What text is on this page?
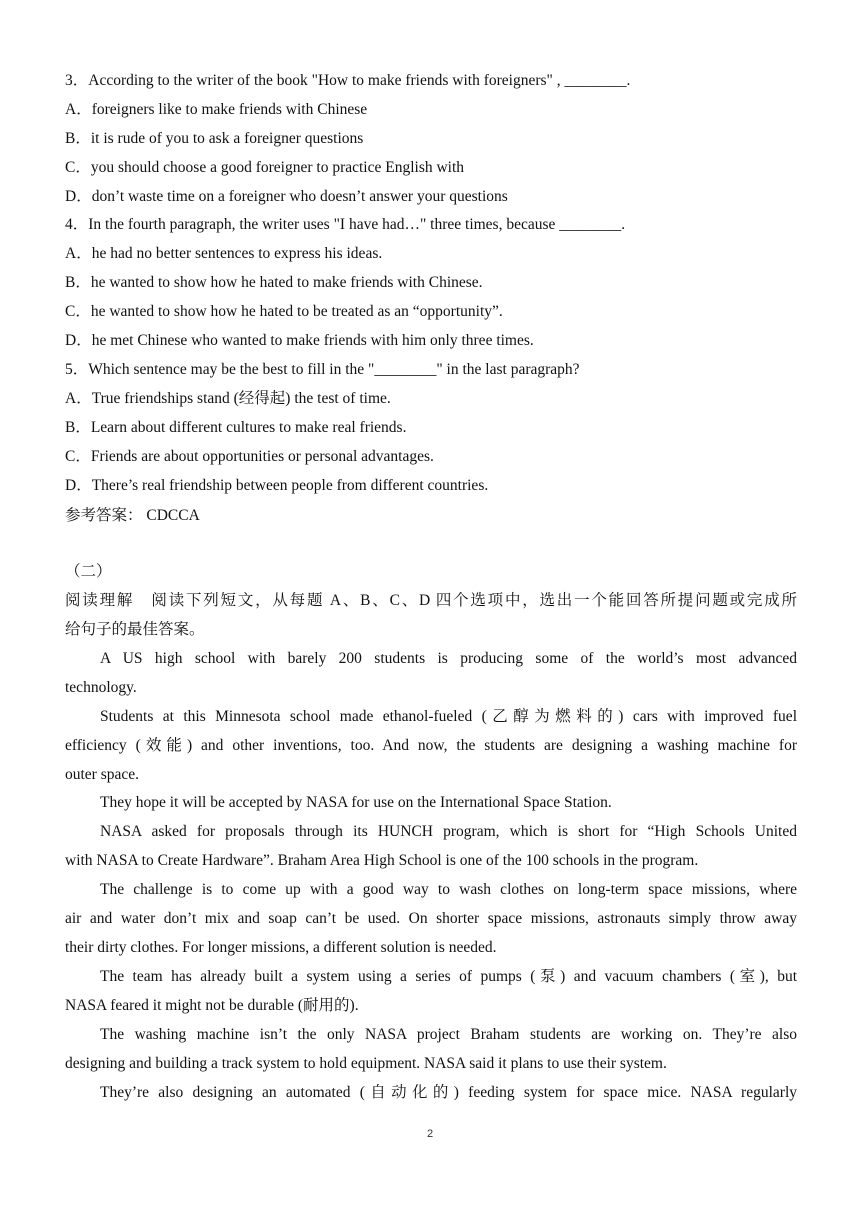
3．According to the writer of the book "How to make friends with foreigners" , ________.
A．foreigners like to make friends with Chinese
B．it is rude of you to ask a foreigner questions
C．you should choose a good foreigner to practice English with
D．don’t waste time on a foreigner who doesn’t answer your questions
4．In the fourth paragraph, the writer uses "I have had…" three times, because ________.
A．he had no better sentences to express his ideas.
B．he wanted to show how he hated to make friends with Chinese.
C．he wanted to show how he hated to be treated as an “opportunity”.
D．he met Chinese who wanted to make friends with him only three times.
5．Which sentence may be the best to fill in the "________" in the last paragraph?
A．True friendships stand (经得起) the test of time.
B．Learn about different cultures to make real friends.
C．Friends are about opportunities or personal advantages.
D．There’s real friendship between people from different countries.
参考答案： CDCCA
（二）
阅读理解　阅读下列短文，从每题 A、B、C、D 四个选项中，选出一个能回答所提问题或完成所
给句子的最佳答案。
A US high school with barely 200 students is producing some of the world’s most advanced
technology.
Students at this Minnesota school made ethanol-fueled (乙醇为燃料的) cars with improved fuel
efficiency (效能) and other inventions, too. And now, the students are designing a washing machine for
outer space.
They hope it will be accepted by NASA for use on the International Space Station.
NASA asked for proposals through its HUNCH program, which is short for “High Schools United
with NASA to Create Hardware”. Braham Area High School is one of the 100 schools in the program.
The challenge is to come up with a good way to wash clothes on long-term space missions, where
air and water don’t mix and soap can’t be used. On shorter space missions, astronauts simply throw away
their dirty clothes. For longer missions, a different solution is needed.
The team has already built a system using a series of pumps (泵) and vacuum chambers (室), but
NASA feared it might not be durable (耐用的).
The washing machine isn’t the only NASA project Braham students are working on. They’re also
designing and building a track system to hold equipment. NASA said it plans to use their system.
They’re also designing an automated (自动化的) feeding system for space mice. NASA regularly
2
